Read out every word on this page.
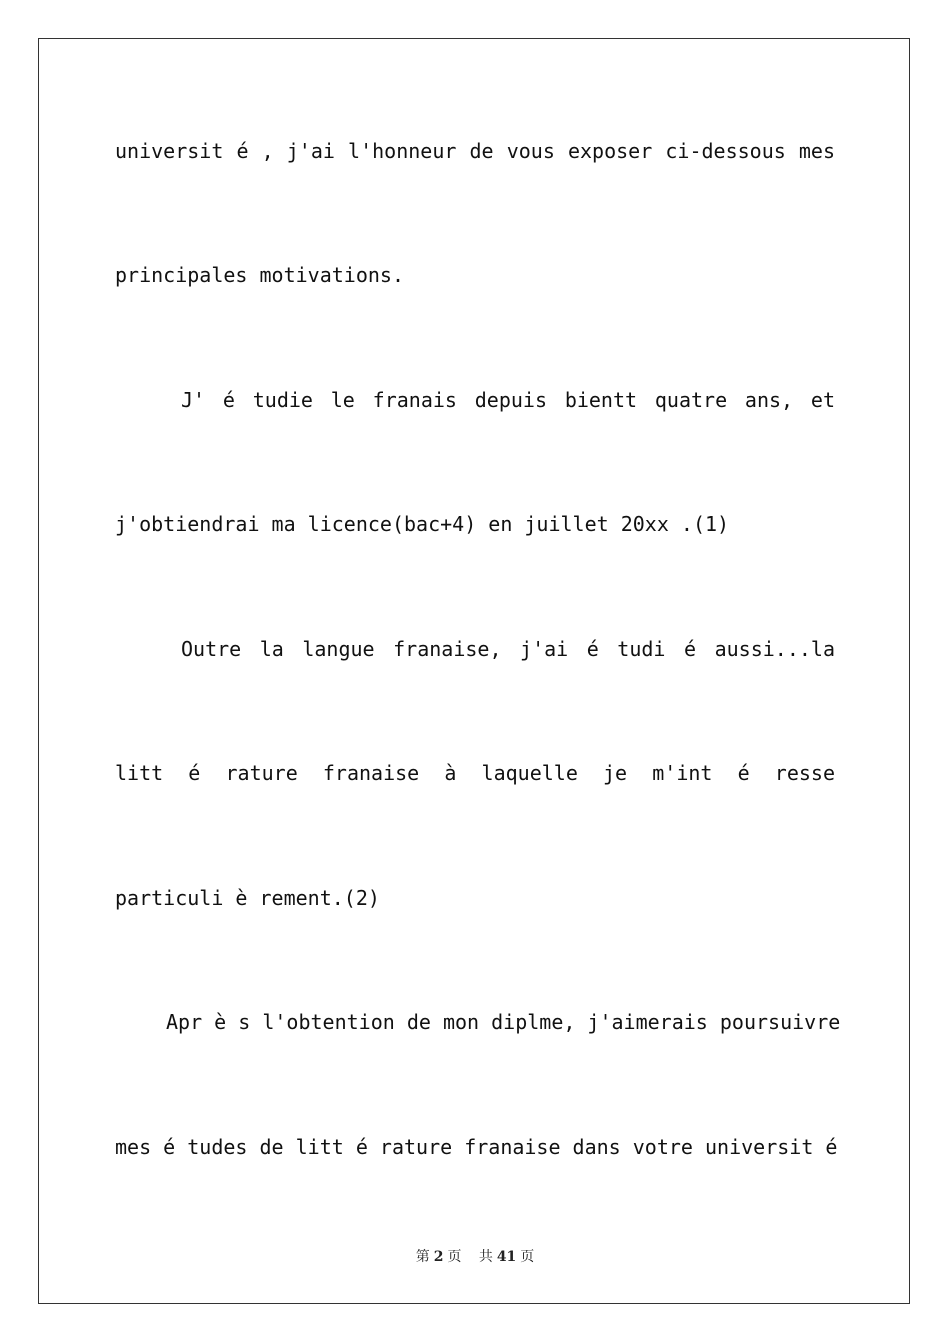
universit é , j'ai l'honneur de vous exposer ci-dessous mes
principales motivations.
J' é tudie le franais depuis bientt quatre ans, et
j'obtiendrai ma licence(bac+4) en juillet 20xx .(1)
Outre la langue franaise, j'ai é tudi é aussi...la
litt é rature franaise à laquelle je m'int é resse
particuli è rement.(2)
Apr è s l'obtention de mon diplme, j'aimerais poursuivre
mes é tudes de litt é rature franaise dans votre universit é
第 2 页 共 41 页
